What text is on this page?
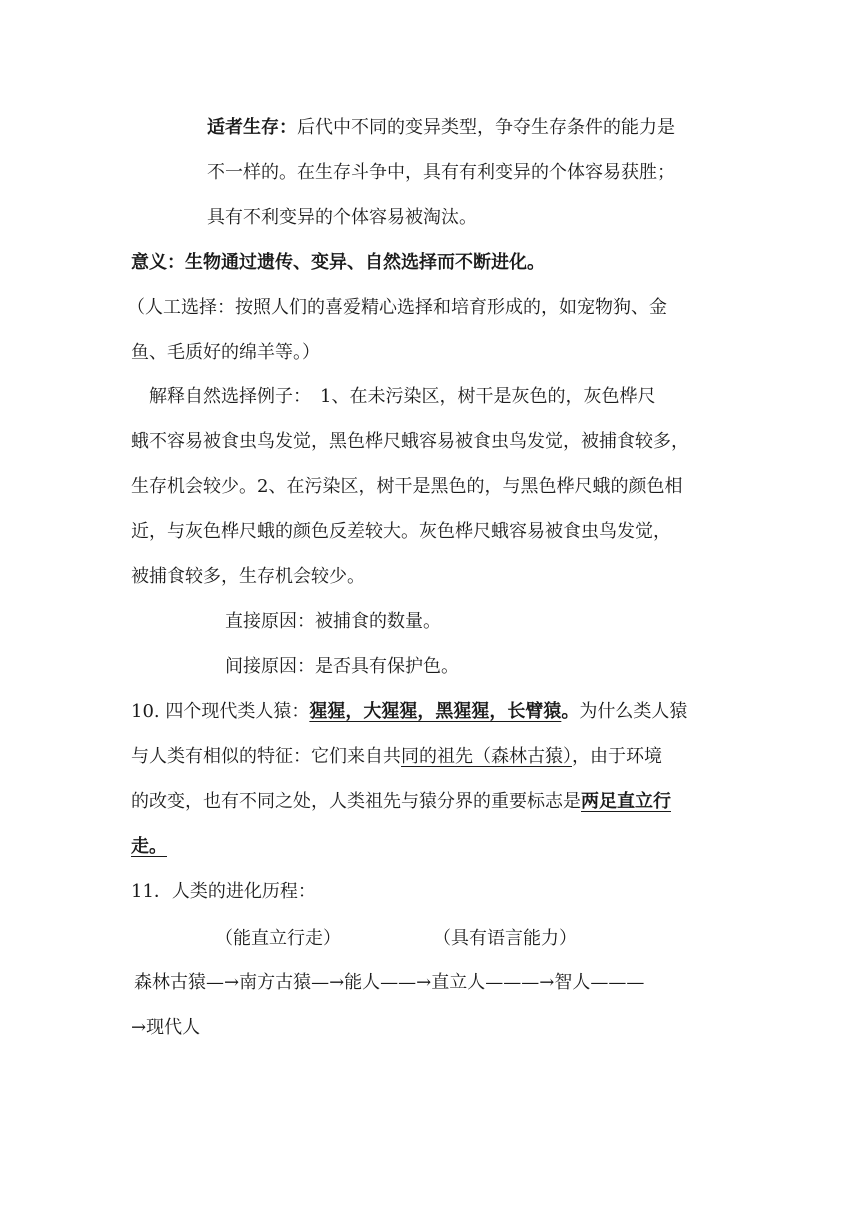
适者生存：后代中不同的变异类型，争夺生存条件的能力是
不一样的。在生存斗争中，具有有利变异的个体容易获胜；
具有不利变异的个体容易被淘汰。
意义：生物通过遗传、变异、自然选择而不断进化。
（人工选择：按照人们的喜爱精心选择和培育形成的，如宠物狗、金
鱼、毛质好的绵羊等。）
　解释自然选择例子：　1、在未污染区，树干是灰色的，灰色桦尺
蛾不容易被食虫鸟发觉，黑色桦尺蛾容易被食虫鸟发觉，被捕食较多，
生存机会较少。2、在污染区，树干是黑色的，与黑色桦尺蛾的颜色相
近，与灰色桦尺蛾的颜色反差较大。灰色桦尺蛾容易被食虫鸟发觉，
被捕食较多，生存机会较少。
直接原因：被捕食的数量。
间接原因：是否具有保护色。
10. 四个现代类人猿：猩猩，大猩猩，黑猩猩，长臂猿。为什么类人猿
与人类有相似的特征：它们来自共同的祖先（森林古猿），由于环境
的改变，也有不同之处，人类祖先与猿分界的重要标志是两足直立行
走。
11．人类的进化历程：
（能直立行走）	（具有语言能力）
森林古猿—→南方古猿—→能人——→直立人———→智人———
→现代人
